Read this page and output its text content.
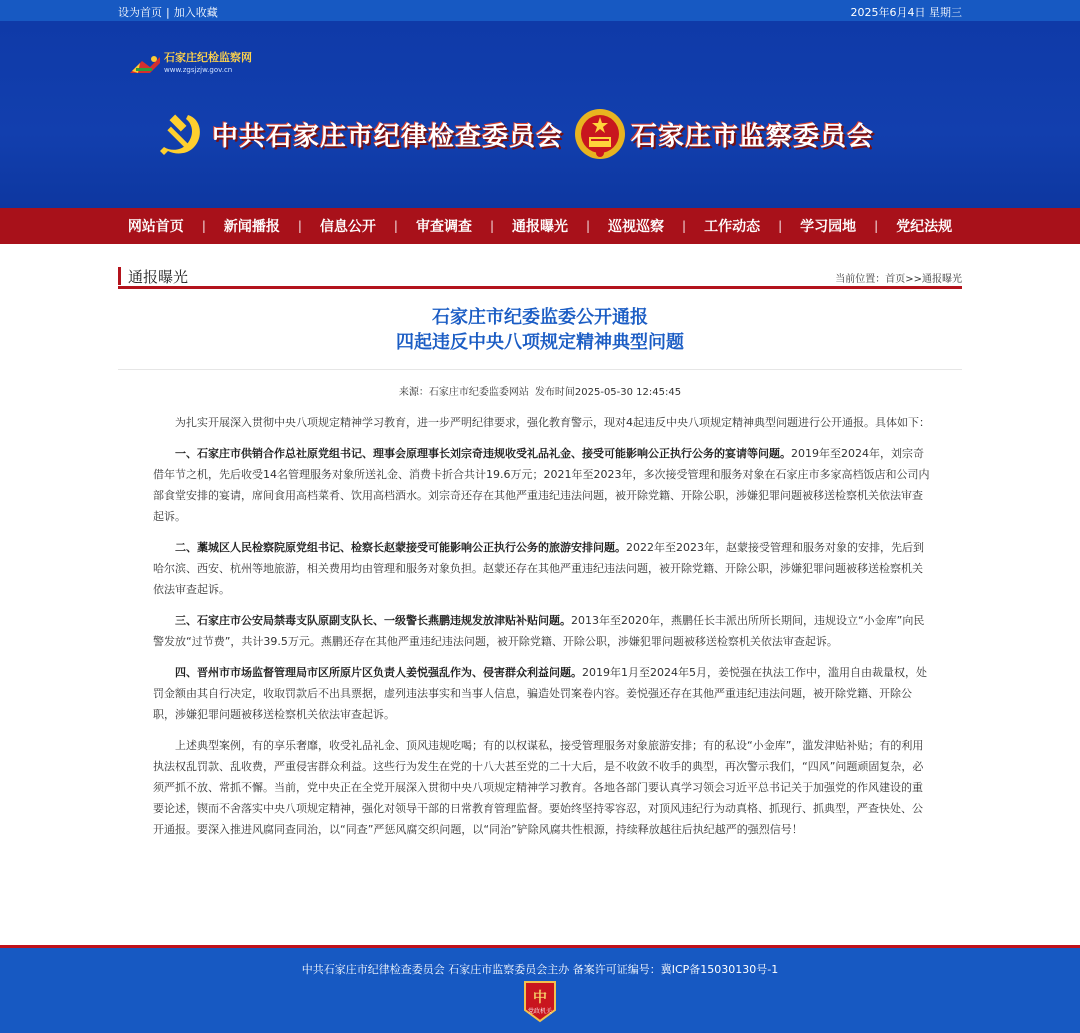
设为首页 | 加入收藏	2025年6月4日 星期三
石家庄纪检监察网
www.zgsjzjw.gov.cn
中共石家庄市纪律检查委员会	石家庄市监察委员会
网站首页	|	新闻播报	|	信息公开	|	审查调查	|	通报曝光	|	巡视巡察	|	工作动态	|	学习园地	|	党纪法规
通报曝光	当前位置：首页>>通报曝光
石家庄市纪委监委公开通报
四起违反中央八项规定精神典型问题
来源：石家庄市纪委监委网站 发布时间2025-05-30 12:45:45

为扎实开展深入贯彻中央八项规定精神学习教育，进一步严明纪律要求，强化教育警示，现对4起违反中央八项规定精神典型问题进行公开通报。具体如下：

一、石家庄市供销合作总社原党组书记、理事会原理事长刘宗奇违规收受礼品礼金、接受可能影响公正执行公务的宴请等问题。2019年至2024年，刘宗奇借年节之机，先后收受14名管理服务对象所送礼金、消费卡折合共计19.6万元；2021年至2023年，多次接受管理和服务对象在石家庄市多家高档饭店和公司内部食堂安排的宴请，席间食用高档菜肴、饮用高档酒水。刘宗奇还存在其他严重违纪违法问题，被开除党籍、开除公职，涉嫌犯罪问题被移送检察机关依法审查起诉。

二、藁城区人民检察院原党组书记、检察长赵蒙接受可能影响公正执行公务的旅游安排问题。2022年至2023年，赵蒙接受管理和服务对象的安排，先后到哈尔滨、西安、杭州等地旅游，相关费用均由管理和服务对象负担。赵蒙还存在其他严重违纪违法问题，被开除党籍、开除公职，涉嫌犯罪问题被移送检察机关依法审查起诉。

三、石家庄市公安局禁毒支队原副支队长、一级警长燕鹏违规发放津贴补贴问题。2013年至2020年，燕鹏任长丰派出所所长期间，违规设立“小金库”向民警发放“过节费”，共计39.5万元。燕鹏还存在其他严重违纪违法问题，被开除党籍、开除公职，涉嫌犯罪问题被移送检察机关依法审查起诉。

四、晋州市市场监督管理局市区所原片区负责人姜悦强乱作为、侵害群众利益问题。2019年1月至2024年5月，姜悦强在执法工作中，滥用自由裁量权，处罚金额由其自行决定，收取罚款后不出具票据，虚列违法事实和当事人信息，骗造处罚案卷内容。姜悦强还存在其他严重违纪违法问题，被开除党籍、开除公职，涉嫌犯罪问题被移送检察机关依法审查起诉。

上述典型案例，有的享乐奢靡，收受礼品礼金、顶风违规吃喝；有的以权谋私，接受管理服务对象旅游安排；有的私设“小金库”，滥发津贴补贴；有的利用执法权乱罚款、乱收费，严重侵害群众利益。这些行为发生在党的十八大甚至党的二十大后，是不收敛不收手的典型，再次警示我们，“四风”问题顽固复杂，必须严抓不放、常抓不懈。当前，党中央正在全党开展深入贯彻中央八项规定精神学习教育。各地各部门要认真学习领会习近平总书记关于加强党的作风建设的重要论述，锲而不舍落实中央八项规定精神，强化对领导干部的日常教育管理监督。要始终坚持零容忍，对顶风违纪行为动真格、抓现行、抓典型，严查快处、公开通报。要深入推进风腐同查同治，以“同查”严惩风腐交织问题，以“同治”铲除风腐共性根源，持续释放越往后执纪越严的强烈信号！

中共石家庄市纪律检查委员会 石家庄市监察委员会主办 备案许可证编号：冀ICP备15030130号-1
中
党政机关
